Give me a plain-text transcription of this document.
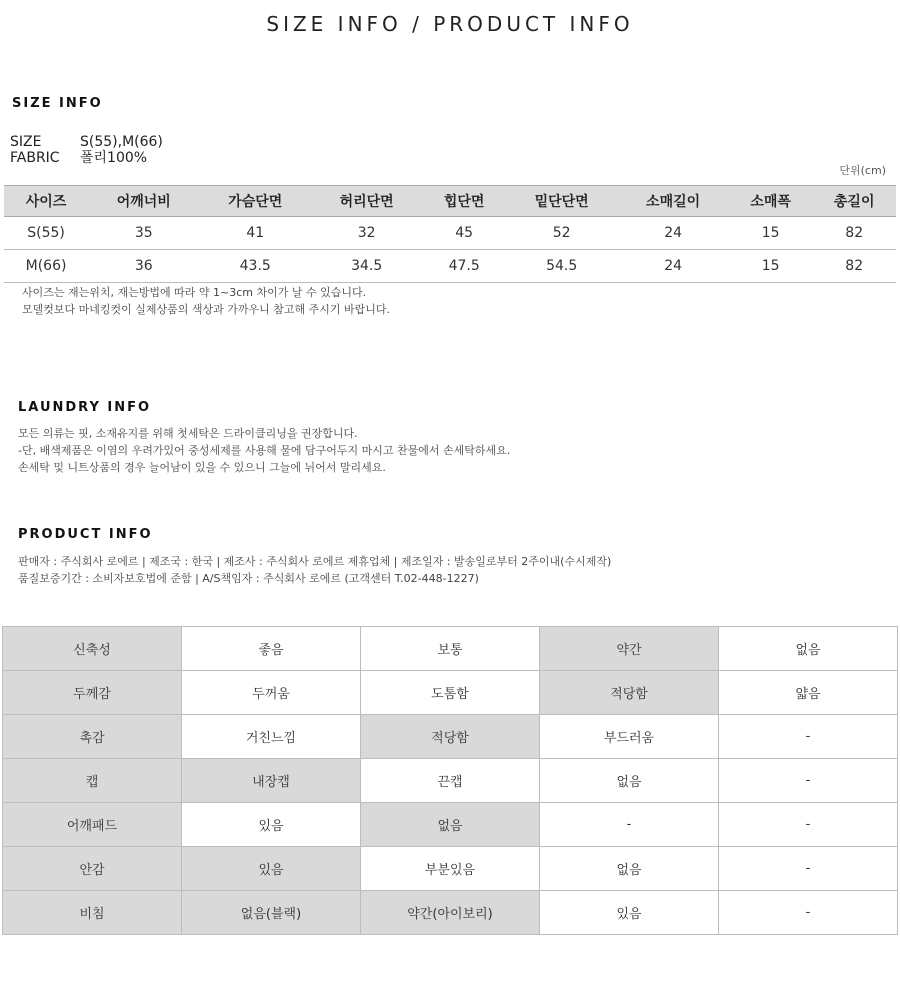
SIZE INFO / PRODUCT INFO
SIZE INFO
SIZE	S(55),M(66)
FABRIC	폴리100%
단위(cm)
사이즈	어깨너비	가슴단면	허리단면	힙단면	밑단단면	소매길이	소매폭	총길이
S(55)	35	41	32	45	52	24	15	82
M(66)	36	43.5	34.5	47.5	54.5	24	15	82
사이즈는 재는위치, 재는방법에 따라 약 1~3cm 차이가 날 수 있습니다.
모델컷보다 마네킹컷이 실제상품의 색상과 가까우니 참고해 주시기 바랍니다.
LAUNDRY INFO
모든 의류는 핏, 소재유지를 위해 첫세탁은 드라이클리닝을 권장합니다.
-단, 배색제품은 이염의 우려가있어 중성세제를 사용해 물에 담구어두지 마시고 찬물에서 손세탁하세요.
손세탁 및 니트상품의 경우 늘어남이 있을 수 있으니 그늘에 뉘어서 말리세요.
PRODUCT INFO
판매자 : 주식회사 로에르 | 제조국 : 한국 | 제조사 : 주식회사 로에르 제휴업체 | 제조일자 : 발송일로부터 2주이내(수시제작)
품질보증기간 : 소비자보호법에 준함 | A/S책임자 : 주식회사 로에르 (고객센터 T.02-448-1227)
신축성	좋음	보통	약간	없음
두께감	두꺼움	도톰함	적당함	얇음
촉감	거친느낌	적당함	부드러움	-
캡	내장캡	끈캡	없음	-
어깨패드	있음	없음	-	-
안감	있음	부분있음	없음	-
비침	없음(블랙)	약간(아이보리)	있음	-
